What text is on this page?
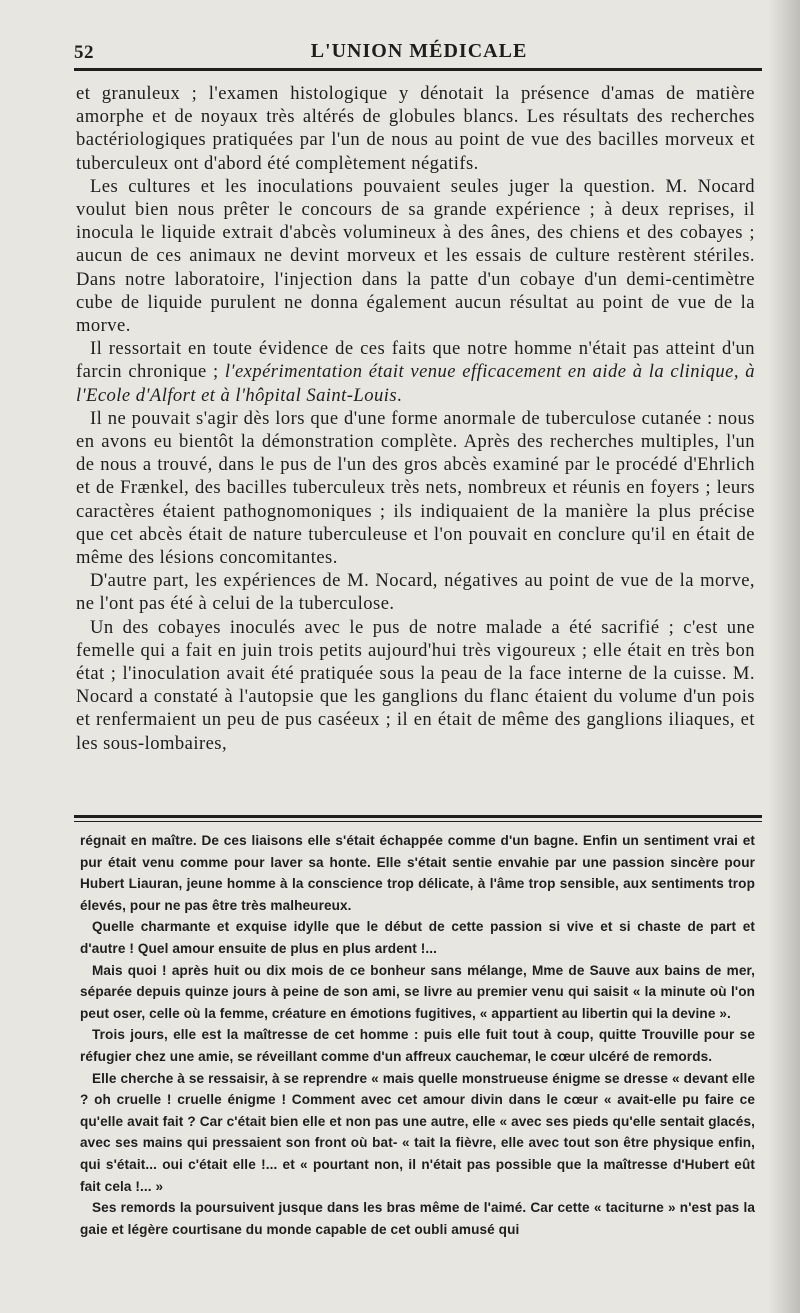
52	L'UNION MÉDICALE

et granuleux ; l'examen histologique y dénotait la présence d'amas de matière amorphe et de noyaux très altérés de globules blancs. Les résultats des recherches bactériologiques pratiquées par l'un de nous au point de vue des bacilles morveux et tuberculeux ont d'abord été complètement négatifs.

Les cultures et les inoculations pouvaient seules juger la question. M. Nocard voulut bien nous prêter le concours de sa grande expérience ; à deux reprises, il inocula le liquide extrait d'abcès volumineux à des ânes, des chiens et des cobayes ; aucun de ces animaux ne devint morveux et les essais de culture restèrent stériles. Dans notre laboratoire, l'injection dans la patte d'un cobaye d'un demi-centimètre cube de liquide purulent ne donna également aucun résultat au point de vue de la morve.

Il ressortait en toute évidence de ces faits que notre homme n'était pas atteint d'un farcin chronique ; l'expérimentation était venue efficacement en aide à la clinique, à l'Ecole d'Alfort et à l'hôpital Saint-Louis.

Il ne pouvait s'agir dès lors que d'une forme anormale de tuberculose cutanée : nous en avons eu bientôt la démonstration complète. Après des recherches multiples, l'un de nous a trouvé, dans le pus de l'un des gros abcès examiné par le procédé d'Ehrlich et de Frænkel, des bacilles tuberculeux très nets, nombreux et réunis en foyers ; leurs caractères étaient pathognomoniques ; ils indiquaient de la manière la plus précise que cet abcès était de nature tuberculeuse et l'on pouvait en conclure qu'il en était de même des lésions concomitantes.

D'autre part, les expériences de M. Nocard, négatives au point de vue de la morve, ne l'ont pas été à celui de la tuberculose.

Un des cobayes inoculés avec le pus de notre malade a été sacrifié ; c'est une femelle qui a fait en juin trois petits aujourd'hui très vigoureux ; elle était en très bon état ; l'inoculation avait été pratiquée sous la peau de la face interne de la cuisse. M. Nocard a constaté à l'autopsie que les ganglions du flanc étaient du volume d'un pois et renfermaient un peu de pus caséeux ; il en était de même des ganglions iliaques, et les sous-lombaires,

régnait en maître. De ces liaisons elle s'était échappée comme d'un bagne. Enfin un sentiment vrai et pur était venu comme pour laver sa honte. Elle s'était sentie envahie par une passion sincère pour Hubert Liauran, jeune homme à la conscience trop délicate, à l'âme trop sensible, aux sentiments trop élevés, pour ne pas être très malheureux.

Quelle charmante et exquise idylle que le début de cette passion si vive et si chaste de part et d'autre ! Quel amour ensuite de plus en plus ardent !...

Mais quoi ! après huit ou dix mois de ce bonheur sans mélange, Mme de Sauve aux bains de mer, séparée depuis quinze jours à peine de son ami, se livre au premier venu qui saisit « la minute où l'on peut oser, celle où la femme, créature en émotions fugitives, « appartient au libertin qui la devine ».

Trois jours, elle est la maîtresse de cet homme : puis elle fuit tout à coup, quitte Trouville pour se réfugier chez une amie, se réveillant comme d'un affreux cauchemar, le cœur ulcéré de remords.

Elle cherche à se ressaisir, à se reprendre « mais quelle monstrueuse énigme se dresse « devant elle ? oh cruelle ! cruelle énigme ! Comment avec cet amour divin dans le cœur « avait-elle pu faire ce qu'elle avait fait ? Car c'était bien elle et non pas une autre, elle « avec ses pieds qu'elle sentait glacés, avec ses mains qui pressaient son front où bat- « tait la fièvre, elle avec tout son être physique enfin, qui s'était... oui c'était elle !... et « pourtant non, il n'était pas possible que la maîtresse d'Hubert eût fait cela !... »

Ses remords la poursuivent jusque dans les bras même de l'aimé. Car cette « taciturne » n'est pas la gaie et légère courtisane du monde capable de cet oubli amusé qui
